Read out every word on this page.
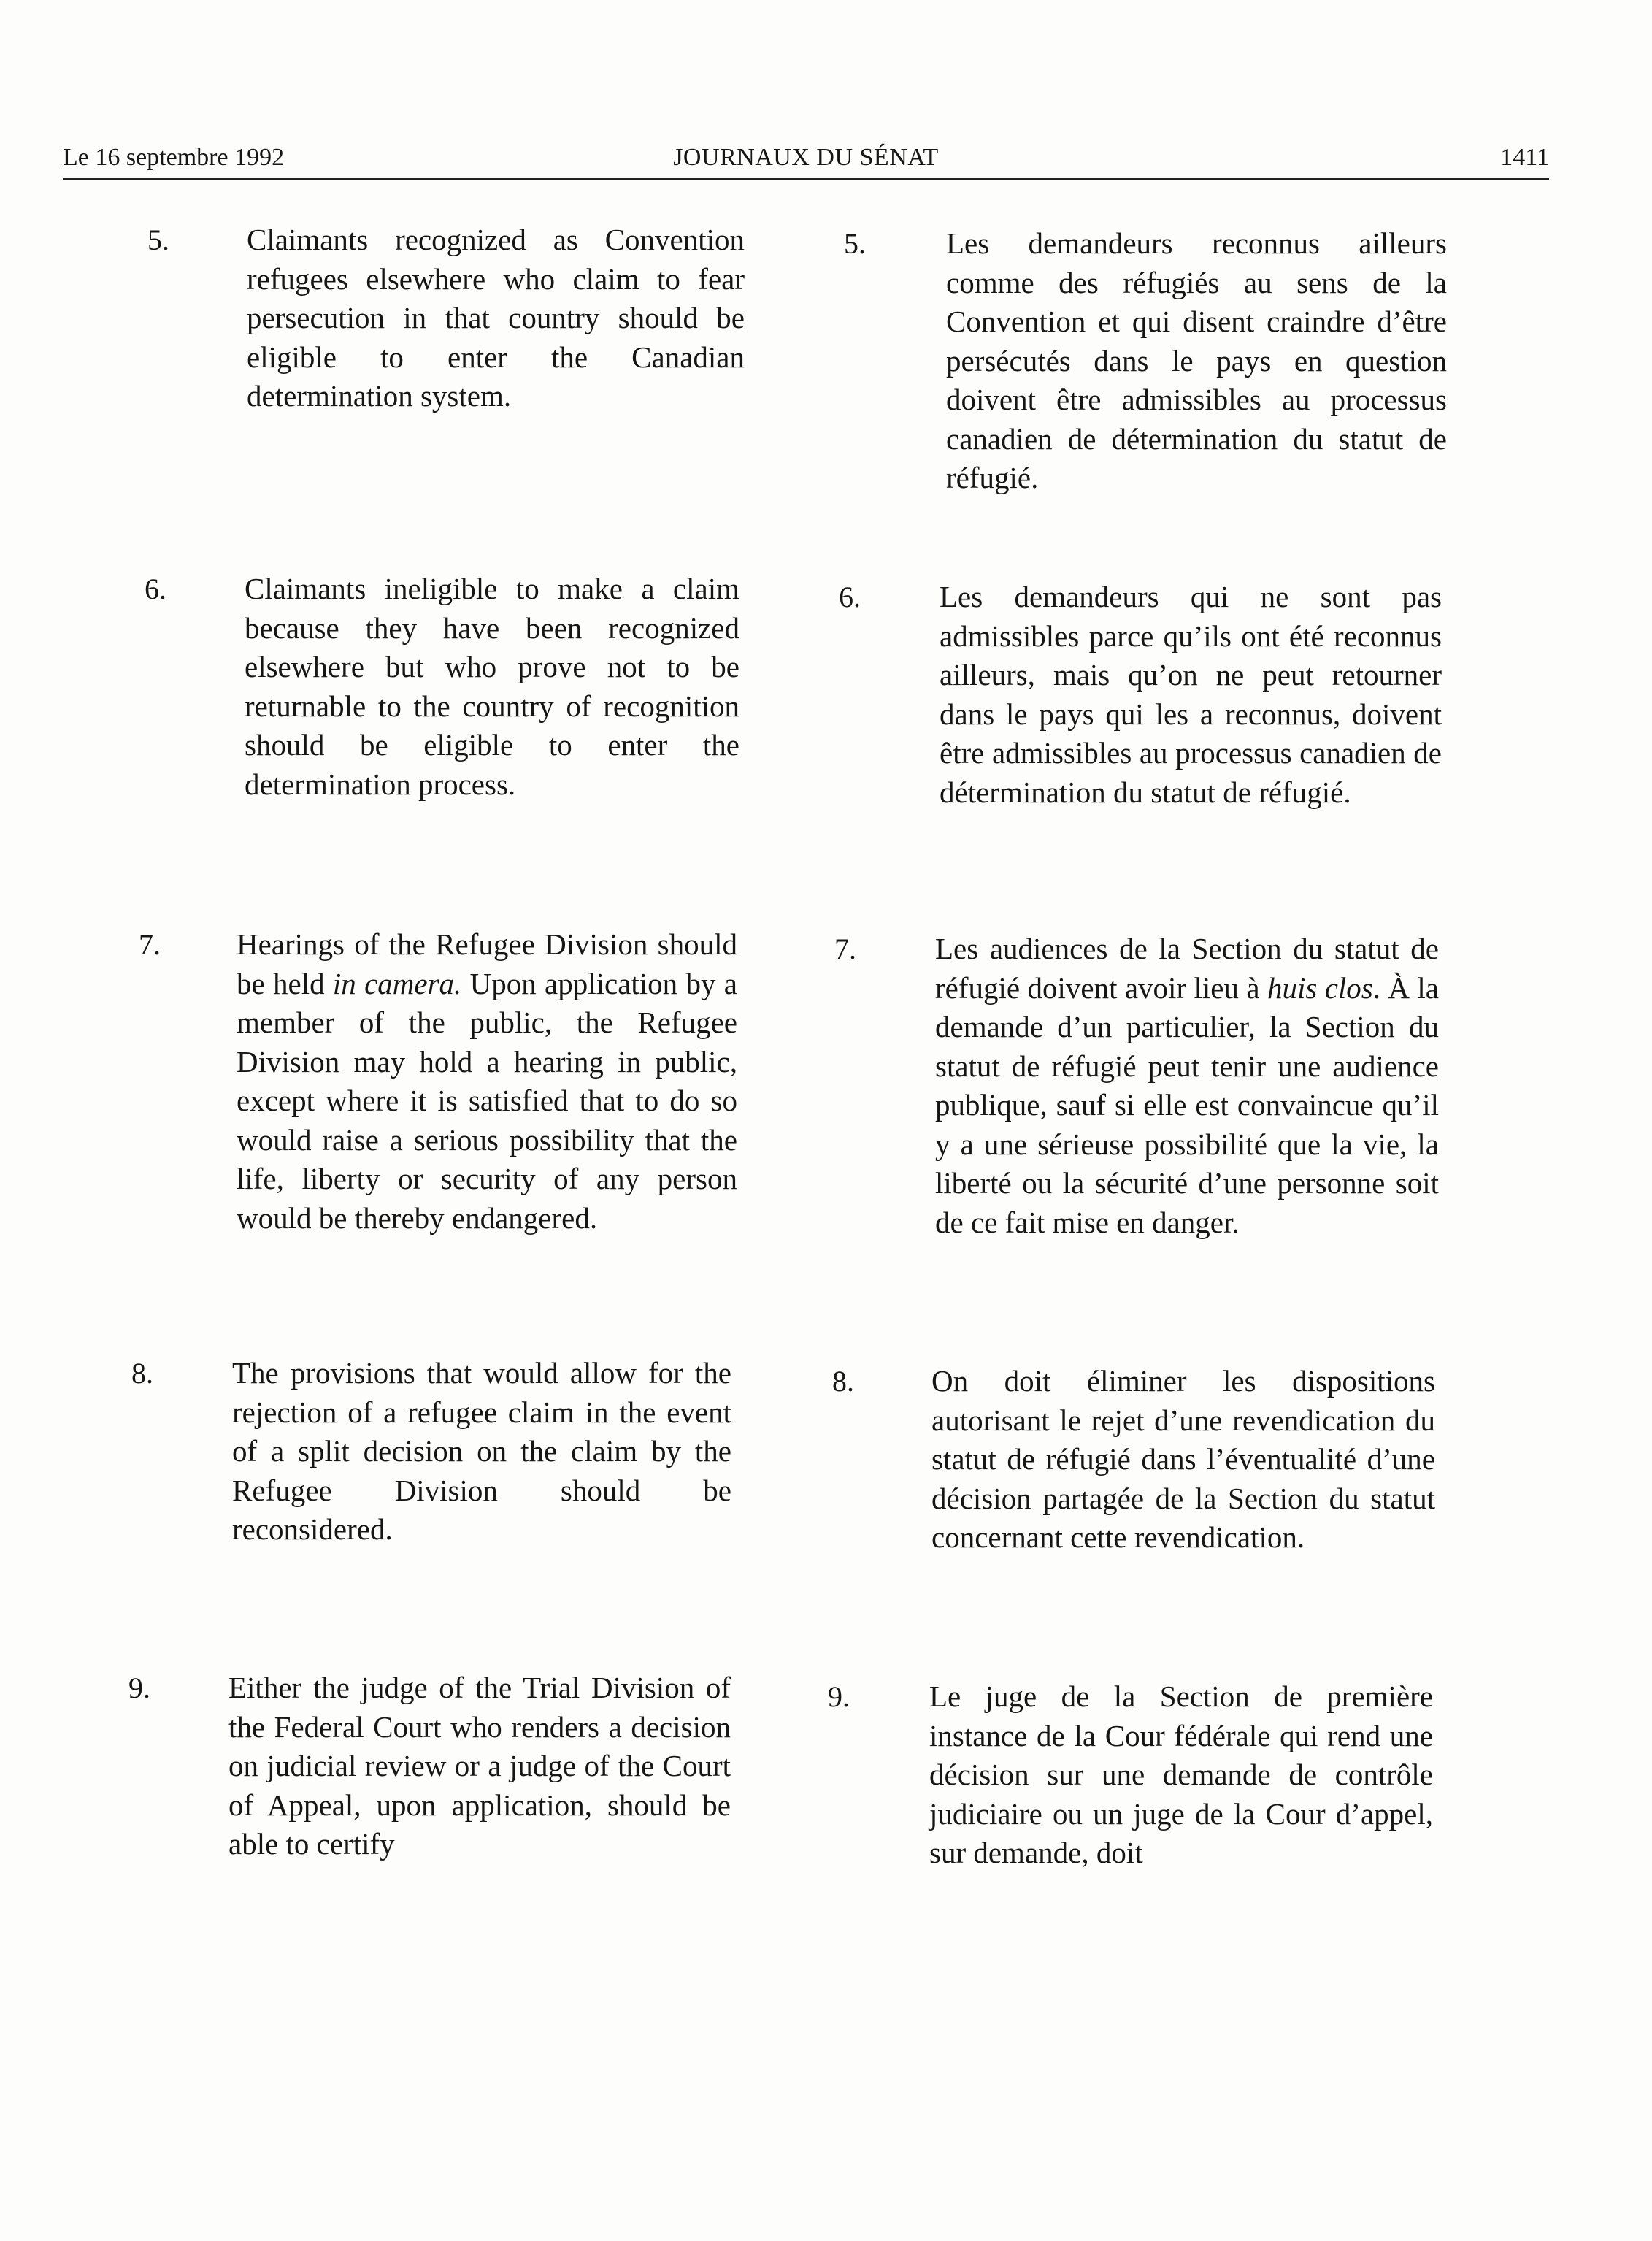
Le 16 septembre 1992	JOURNAUX DU SÉNAT	1411
5.	Claimants recognized as Convention refugees elsewhere who claim to fear persecution in that country should be eligible to enter the Canadian determination system.
5.	Les demandeurs reconnus ailleurs comme des réfugiés au sens de la Convention et qui disent craindre d’être persécutés dans le pays en question doivent être admissibles au processus canadien de détermination du statut de réfugié.
6.	Claimants ineligible to make a claim because they have been recognized elsewhere but who prove not to be returnable to the country of recognition should be eligible to enter the determination process.
6.	Les demandeurs qui ne sont pas admissibles parce qu’ils ont été reconnus ailleurs, mais qu’on ne peut retourner dans le pays qui les a reconnus, doivent être admissibles au processus canadien de détermination du statut de réfugié.
7.	Hearings of the Refugee Division should be held in camera. Upon application by a member of the public, the Refugee Division may hold a hearing in public, except where it is satisfied that to do so would raise a serious possibility that the life, liberty or security of any person would be thereby endangered.
7.	Les audiences de la Section du statut de réfugié doivent avoir lieu à huis clos. À la demande d’un particulier, la Section du statut de réfugié peut tenir une audience publique, sauf si elle est convaincue qu’il y a une sérieuse possibilité que la vie, la liberté ou la sécurité d’une personne soit de ce fait mise en danger.
8.	The provisions that would allow for the rejection of a refugee claim in the event of a split decision on the claim by the Refugee Division should be reconsidered.
8.	On doit éliminer les dispositions autorisant le rejet d’une revendication du statut de réfugié dans l’éventualité d’une décision partagée de la Section du statut concernant cette revendication.
9.	Either the judge of the Trial Division of the Federal Court who renders a decision on judicial review or a judge of the Court of Appeal, upon application, should be able to certify
9.	Le juge de la Section de première instance de la Cour fédérale qui rend une décision sur une demande de contrôle judiciaire ou un juge de la Cour d’appel, sur demande, doit
